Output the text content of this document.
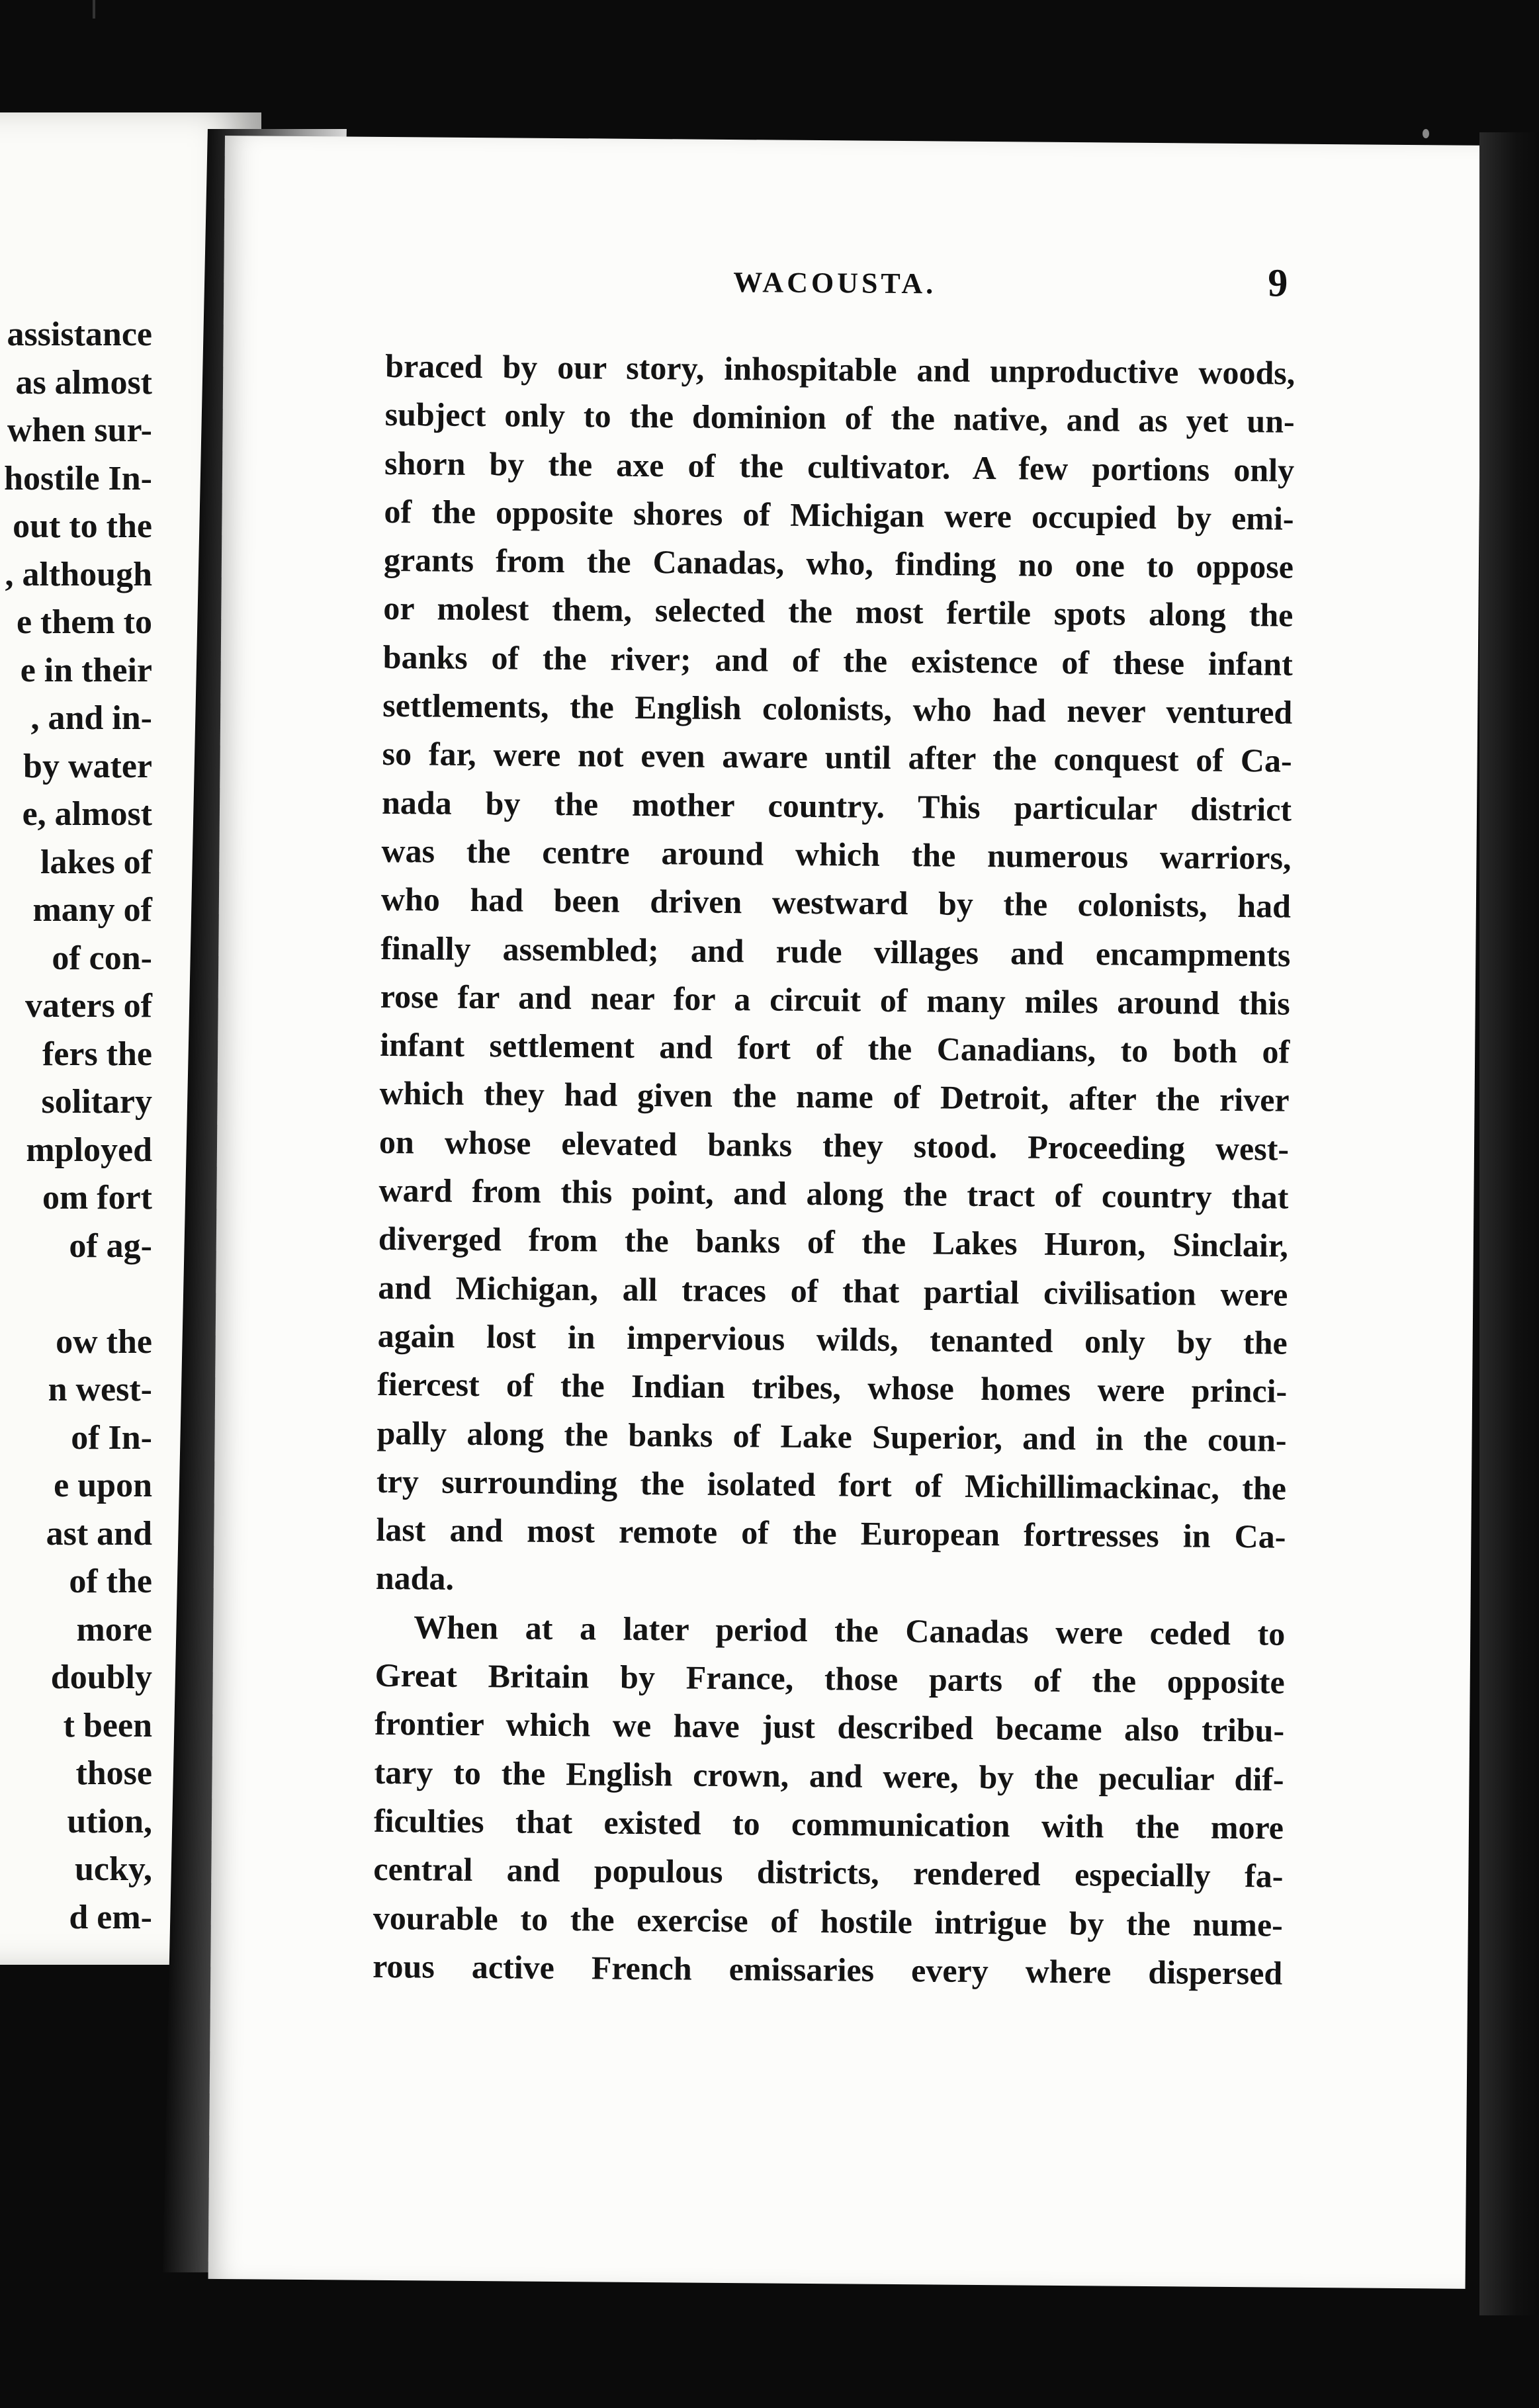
assistance
as almost
when sur-
hostile In-
out to the
, although
e them to
e in their
, and in-
by water
e, almost
lakes of
many of
of con-
vaters of
fers the
solitary
mployed
om fort
of ag-
ow the
n west-
of In-
e upon
ast and
of the
more
doubly
t been
those
ution,
ucky,
d em-
WACOUSTA.	9
braced by our story, inhospitable and unproductive woods,
subject only to the dominion of the native, and as yet un-
shorn by the axe of the cultivator. A few portions only
of the opposite shores of Michigan were occupied by emi-
grants from the Canadas, who, finding no one to oppose
or molest them, selected the most fertile spots along the
banks of the river; and of the existence of these infant
settlements, the English colonists, who had never ventured
so far, were not even aware until after the conquest of Ca-
nada by the mother country. This particular district
was the centre around which the numerous warriors,
who had been driven westward by the colonists, had
finally assembled; and rude villages and encampments
rose far and near for a circuit of many miles around this
infant settlement and fort of the Canadians, to both of
which they had given the name of Detroit, after the river
on whose elevated banks they stood. Proceeding west-
ward from this point, and along the tract of country that
diverged from the banks of the Lakes Huron, Sinclair,
and Michigan, all traces of that partial civilisation were
again lost in impervious wilds, tenanted only by the
fiercest of the Indian tribes, whose homes were princi-
pally along the banks of Lake Superior, and in the coun-
try surrounding the isolated fort of Michillimackinac, the
last and most remote of the European fortresses in Ca-
nada.
When at a later period the Canadas were ceded to
Great Britain by France, those parts of the opposite
frontier which we have just described became also tribu-
tary to the English crown, and were, by the peculiar dif-
ficulties that existed to communication with the more
central and populous districts, rendered especially fa-
vourable to the exercise of hostile intrigue by the nume-
rous active French emissaries every where dispersed
